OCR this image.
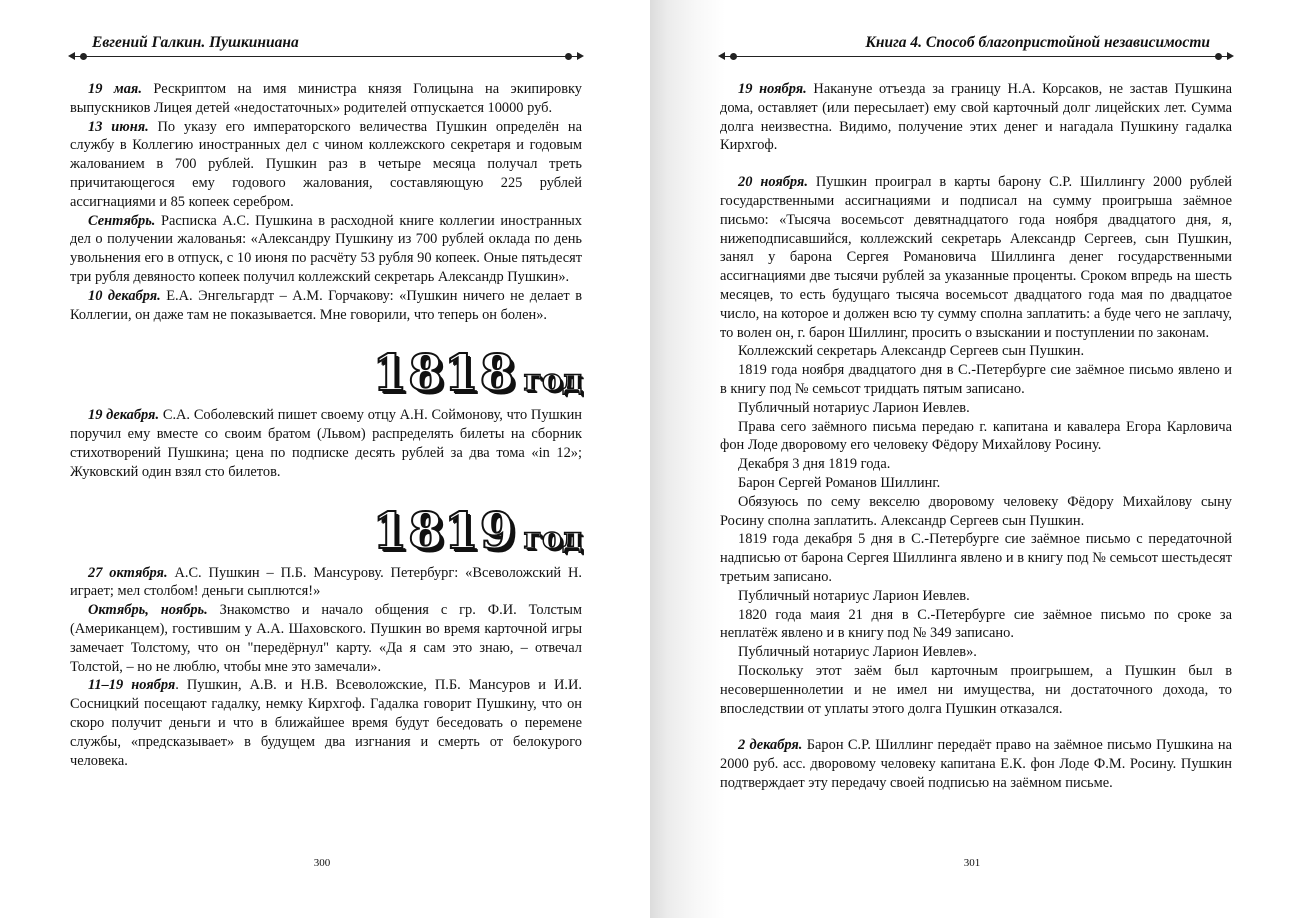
Евгений Галкин. Пушкиниана

19 мая. Рескриптом на имя министра князя Голицына на экипировку выпускников Лицея детей «недостаточных» родителей отпускается 10000 руб.

13 июня. По указу его императорского величества Пушкин определён на службу в Коллегию иностранных дел с чином коллежского секретаря и годовым жалованием в 700 рублей. Пушкин раз в четыре месяца получал треть причитающегося ему годового жалования, составляющую 225 рублей ассигнациями и 85 копеек серебром.

Сентябрь. Расписка А.С. Пушкина в расходной книге коллегии иностранных дел о получении жалованья: «Александру Пушкину из 700 рублей оклада по день увольнения его в отпуск, с 10 июня по расчёту 53 рубля 90 копеек. Оные пятьдесят три рубля девяносто копеек получил коллежский секретарь Александр Пушкин».

10 декабря. Е.А. Энгельгардт – А.М. Горчакову: «Пушкин ничего не делает в Коллегии, он даже там не показывается. Мне говорили, что теперь он болен».

1818 год

19 декабря. С.А. Соболевский пишет своему отцу А.Н. Соймонову, что Пушкин поручил ему вместе со своим братом (Львом) распределять билеты на сборник стихотворений Пушкина; цена по подписке десять рублей за два тома «in 12»; Жуковский один взял сто билетов.

1819 год

27 октября. А.С. Пушкин – П.Б. Мансурову. Петербург: «Всеволожский Н. играет; мел столбом! деньги сыплются!»

Октябрь, ноябрь. Знакомство и начало общения с гр. Ф.И. Толстым (Американцем), гостившим у А.А. Шаховского. Пушкин во время карточной игры замечает Толстому, что он "передёрнул" карту. «Да я сам это знаю, – отвечал Толстой, – но не люблю, чтобы мне это замечали».

11–19 ноября. Пушкин, А.В. и Н.В. Всеволожские, П.Б. Мансуров и И.И. Сосницкий посещают гадалку, немку Кирхгоф. Гадалка говорит Пушкину, что он скоро получит деньги и что в ближайшее время будут беседовать о перемене службы, «предсказывает» в будущем два изгнания и смерть от белокурого человека.

300
Книга 4. Способ благопристойной независимости

19 ноября. Накануне отъезда за границу Н.А. Корсаков, не застав Пушкина дома, оставляет (или пересылает) ему свой карточный долг лицейских лет. Сумма долга неизвестна. Видимо, получение этих денег и нагадала Пушкину гадалка Кирхгоф.

20 ноября. Пушкин проиграл в карты барону С.Р. Шиллингу 2000 рублей государственными ассигнациями и подписал на сумму проигрыша заёмное письмо: «Тысяча восемьсот девятнадцатого года ноября двадцатого дня, я, нижеподписавшийся, коллежский секретарь Александр Сергеев, сын Пушкин, занял у барона Сергея Романовича Шиллинга денег государственными ассигнациями две тысячи рублей за указанные проценты. Сроком впредь на шесть месяцев, то есть будущаго тысяча восемьсот двадцатого года мая по двадцатое число, на которое и должен всю ту сумму сполна заплатить: а буде чего не заплачу, то волен он, г. барон Шиллинг, просить о взыскании и поступлении по законам.

Коллежский секретарь Александр Сергеев сын Пушкин.

1819 года ноября двадцатого дня в С.-Петербурге сие заёмное письмо явлено и в книгу под № семьсот тридцать пятым записано.

Публичный нотариус Ларион Иевлев.

Права сего заёмного письма передаю г. капитана и кавалера Егора Карловича фон Лоде дворовому его человеку Фёдору Михайлову Росину.

Декабря 3 дня 1819 года.

Барон Сергей Романов Шиллинг.

Обязуюсь по сему векселю дворовому человеку Фёдору Михайлову сыну Росину сполна заплатить. Александр Сергеев сын Пушкин.

1819 года декабря 5 дня в С.-Петербурге сие заёмное письмо с передаточной надписью от барона Сергея Шиллинга явлено и в книгу под № семьсот шестьдесят третьим записано.

Публичный нотариус Ларион Иевлев.

1820 года маия 21 дня в С.-Петербурге сие заёмное письмо по сроке за неплатёж явлено и в книгу под № 349 записано.

Публичный нотариус Ларион Иевлев».

Поскольку этот заём был карточным проигрышем, а Пушкин был в несовершеннолетии и не имел ни имущества, ни достаточного дохода, то впоследствии от уплаты этого долга Пушкин отказался.

2 декабря. Барон С.Р. Шиллинг передаёт право на заёмное письмо Пушкина на 2000 руб. асс. дворовому человеку капитана Е.К. фон Лоде Ф.М. Росину. Пушкин подтверждает эту передачу своей подписью на заёмном письме.

301
